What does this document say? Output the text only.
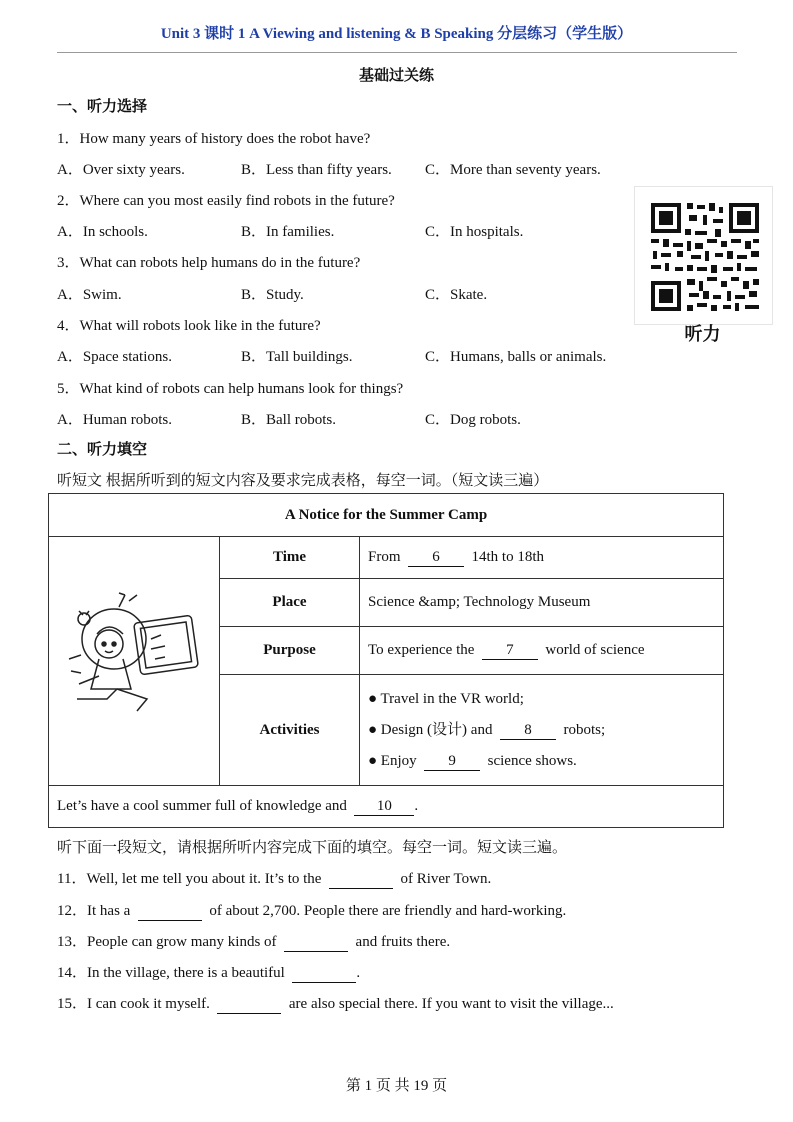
Unit 3 课时 1 A Viewing and listening & B Speaking 分层练习（学生版）
基础过关练
一、听力选择
1．How many years of history does the robot have?
A．Over sixty years.	B．Less than fifty years. C．More than seventy years.
2．Where can you most easily find robots in the future?
A．In schools.	B．In families.	C．In hospitals.
3．What can robots help humans do in the future?
A．Swim.	B．Study.	C．Skate.
4．What will robots look like in the future?
A．Space stations.	B．Tall buildings.	C．Humans, balls or animals.
5．What kind of robots can help humans look for things?
A．Human robots.	B．Ball robots.	C．Dog robots.
听力
二、听力填空
听短文 根据所听到的短文内容及要求完成表格，每空一词。（短文读三遍）
A Notice for the Summer Camp		
	Time	From 6 14th to 18th
	Place	Science &amp; Technology Museum
	Purpose	To experience the 7 world of science
	Activities	● Travel in the VR world;
● Design (设计) and 8 robots;
● Enjoy 9 science shows.

Let’s have a cool summer full of knowledge and 10 .		
听下面一段短文，请根据所听内容完成下面的填空。每空一词。短文读三遍。
11．Well, let me tell you about it. It’s to the	of River Town.
12．It has a	of about 2,700. People there are friendly and hard-working.
13．People can grow many kinds of	and fruits there.
14．In the village, there is a beautiful	.
15．I can cook it myself.	are also special there. If you want to visit the village...
第 1 页 共 19 页
